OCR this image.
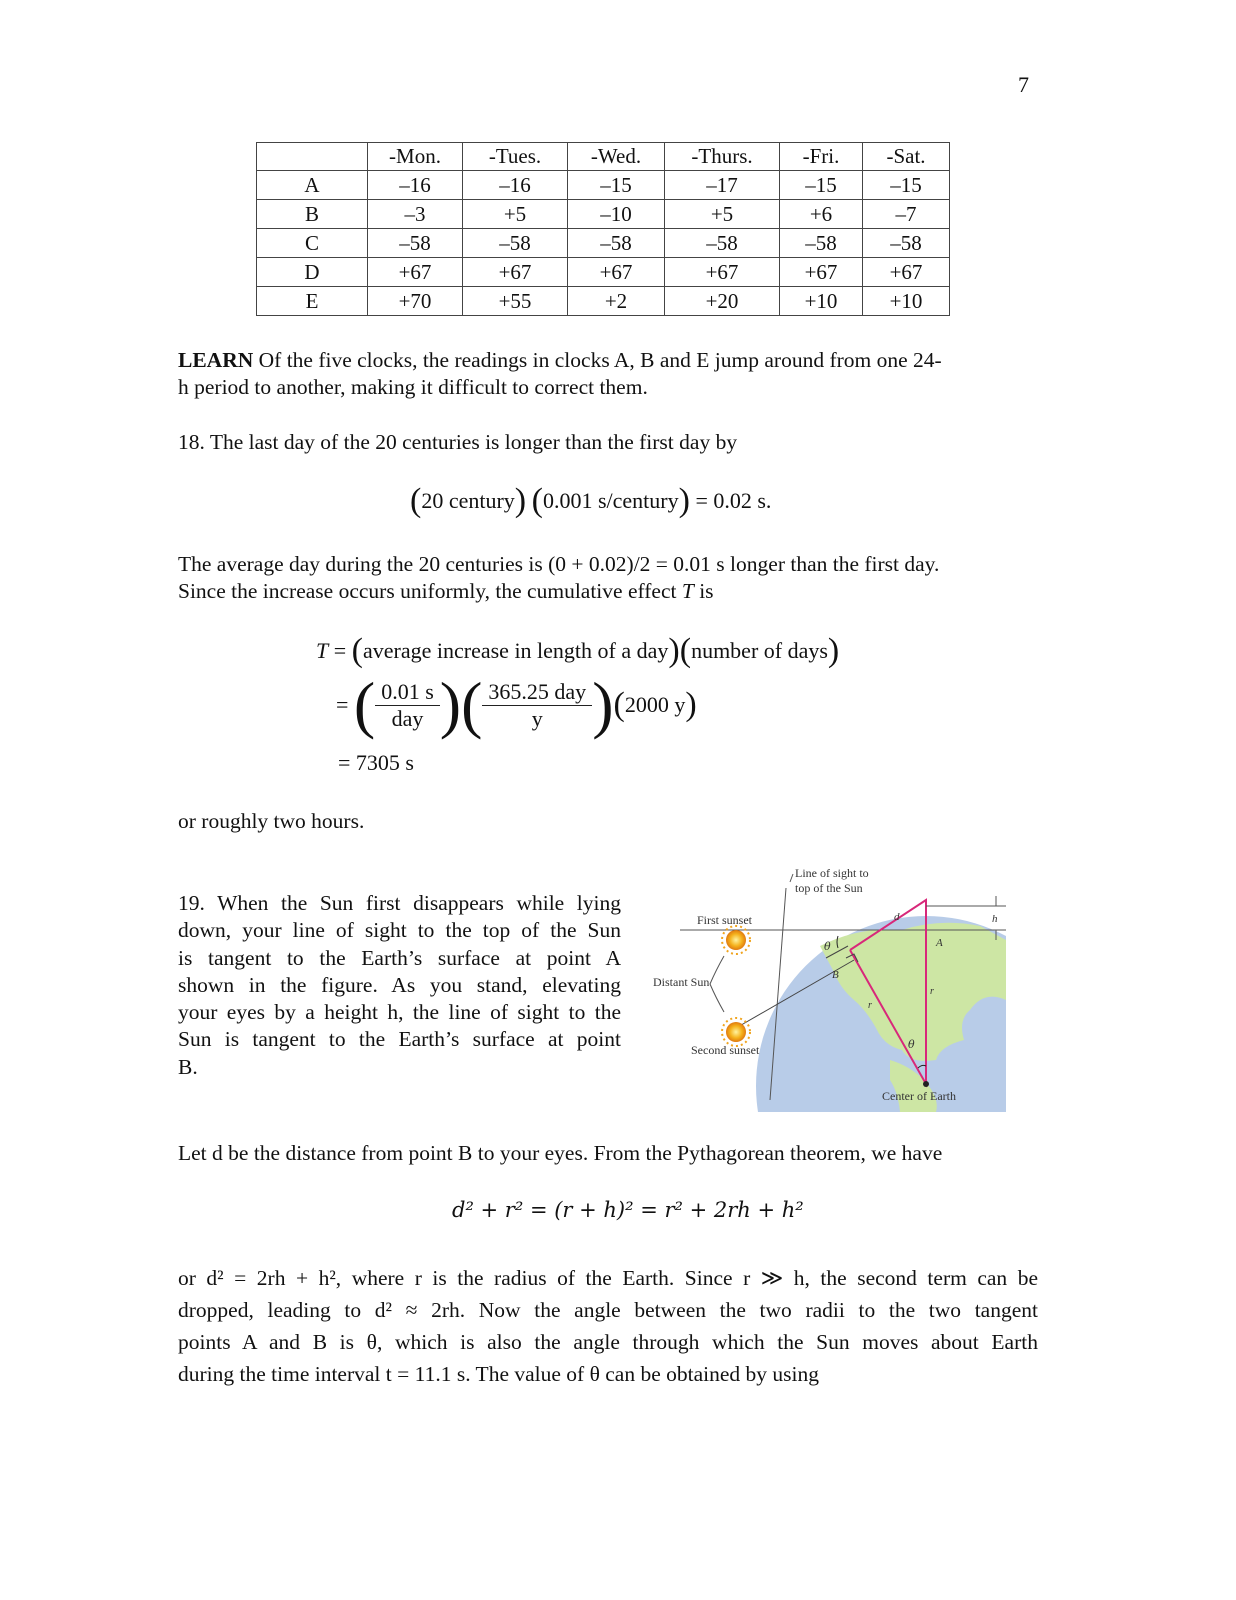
7
	-Mon.	-Tues.	-Wed.	-Thurs.	-Fri.	-Sat.
A	–16	–16	–15	–17	–15	–15
B	–3	+5	–10	+5	+6	–7
C	–58	–58	–58	–58	–58	–58
D	+67	+67	+67	+67	+67	+67
E	+70	+55	+2	+20	+10	+10
LEARN Of the five clocks, the readings in clocks A, B and E jump around from one 24-
h period to another, making it difficult to correct them.
18. The last day of the 20 centuries is longer than the first day by
(20 century) (0.001 s/century) = 0.02 s.
The average day during the 20 centuries is (0 + 0.02)/2 = 0.01 s longer than the first day.
Since the increase occurs uniformly, the cumulative effect T is
T = (average increase in length of a day)(number of days)
= ( $\frac{0.01 s}{\text{day}}$ )( $\frac{\text{365.25 day}}{y} )(2000$ y)
= 7305 s
or roughly two hours.
19. When the Sun first disappears while lying
down, your line of sight to the top of the Sun
is tangent to the Earth’s surface at point A
shown in the figure. As you stand, elevating
your eyes by a height h, the line of sight to the
Sun is tangent to the Earth’s surface at point
B.
Line of sight to
top of the Sun
First sunset
Distant Sun
Second sunset
Center of Earth
d	h
A
B
r
r
θ
θ
Let d be the distance from point B to your eyes. From the Pythagorean theorem, we have
d² + r² = (r + h)² = r² + 2rh + h²
or d² = 2rh + h², where r is the radius of the Earth. Since r ≫ h, the second term can be
dropped, leading to d² ≈ 2rh. Now the angle between the two radii to the two tangent
points A and B is θ, which is also the angle through which the Sun moves about Earth
during the time interval t = 11.1 s. The value of θ can be obtained by using
